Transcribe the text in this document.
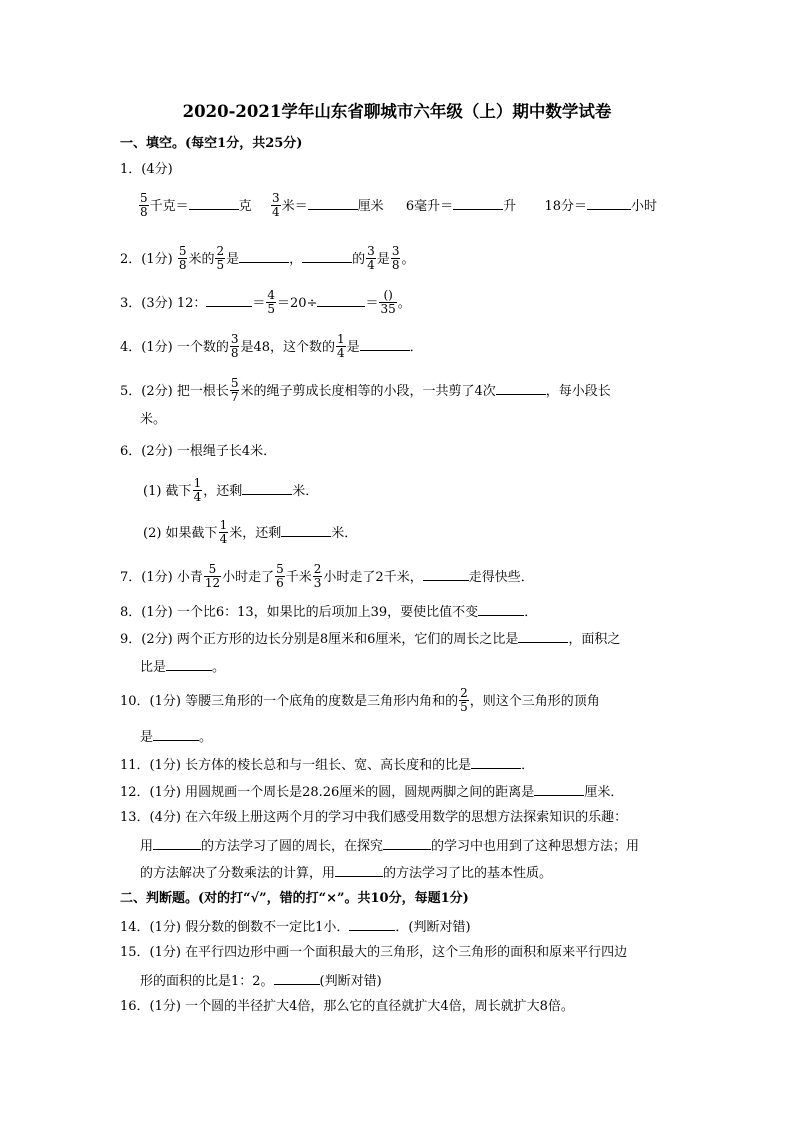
2020-2021学年山东省聊城市六年级（上）期中数学试卷
一、填空。(每空1分，共25分)
1．(4分)
$\frac{5}{8}$ 千克＝	克 $\frac{3}{4}$ 米＝	厘米 6毫升＝	升 18分＝	小时
2．(1分) $\frac{5}{8}$ 米的 $\frac{2}{5}$ 是	，	的 $\frac{3}{4}$ 是 $\frac{3}{8}$ 。
3．(3分) 12：	＝ $\frac{4}{5} =20\div$	＝ $\frac{()}{35}$ 。
4．(1分) 一个数的 $\frac{3}{8}$ 是48，这个数的 $\frac{1}{4}$ 是	．
5．(2分) 把一根长 $\frac{5}{7}$ 米的绳子剪成长度相等的小段，一共剪了4次	，每小段长
米。
6．(2分) 一根绳子长4米．
(1) 截下 $\frac{1}{4}$ ，还剩	米．
(2) 如果截下 $\frac{1}{4}$ 米，还剩	米．
7．(1分) 小青 $\frac{5}{12}$ 小时走了 $\frac{5}{6}$ 千米 $\frac{2}{3}$ 小时走了2千米，	走得快些．
8．(1分) 一个比6：13，如果比的后项加上39，要使比值不变	．
9．(2分) 两个正方形的边长分别是8厘米和6厘米，它们的周长之比是	，面积之
比是	。
10．(1分) 等腰三角形的一个底角的度数是三角形内角和的 $\frac{2}{5}$ ，则这个三角形的顶角
是	。
11．(1分) 长方体的棱长总和与一组长、宽、高长度和的比是	．
12．(1分) 用圆规画一个周长是28.26厘米的圆，圆规两脚之间的距离是	厘米．
13．(4分) 在六年级上册这两个月的学习中我们感受用数学的思想方法探索知识的乐趣：
用	的方法学习了圆的周长，在探究	的学习中也用到了这种思想方法；用
的方法解决了分数乘法的计算，用	的方法学习了比的基本性质。
二、判断题。(对的打“√”，错的打“×”。共10分，每题1分)
14．(1分) 假分数的倒数不一定比1小．	．(判断对错)
15．(1分) 在平行四边形中画一个面积最大的三角形，这个三角形的面积和原来平行四边
形的面积的比是1：2。	(判断对错)
16．(1分) 一个圆的半径扩大4倍，那么它的直径就扩大4倍，周长就扩大8倍。
